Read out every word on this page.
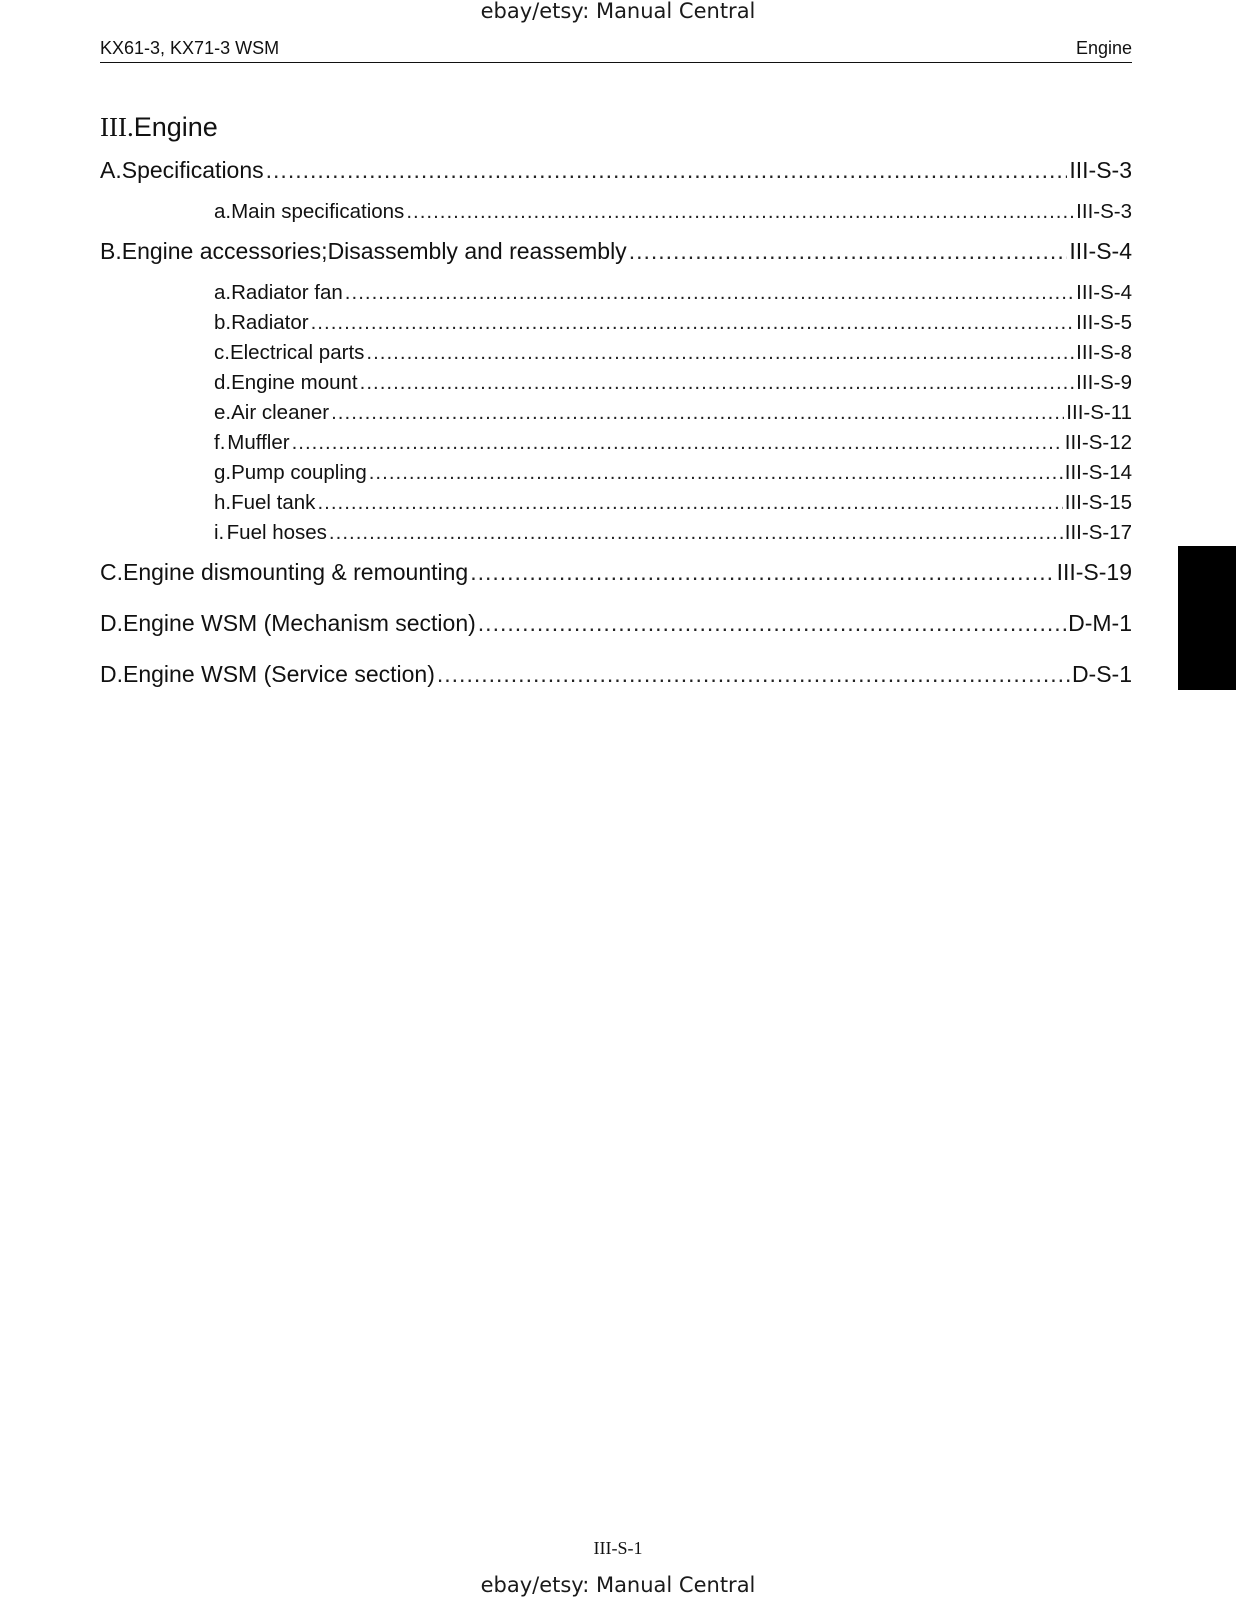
ebay/etsy: Manual Central
KX61-3, KX71-3 WSM	Engine
III.Engine
A. Specifications .....	III-S-3
a. Main specifications .....	III-S-3
B. Engine accessories;Disassembly and reassembly .....	III-S-4
a. Radiator fan .....	III-S-4
b. Radiator .....	III-S-5
c. Electrical parts .....	III-S-8
d. Engine mount .....	III-S-9
e. Air cleaner .....	III-S-11
f. Muffler .....	III-S-12
g. Pump coupling .....	III-S-14
h. Fuel tank .....	III-S-15
i. Fuel hoses .....	III-S-17
C. Engine dismounting & remounting .....	III-S-19
D. Engine WSM (Mechanism section) .....	D-M-1
D. Engine WSM (Service section) .....	D-S-1
III-S-1
ebay/etsy: Manual Central
